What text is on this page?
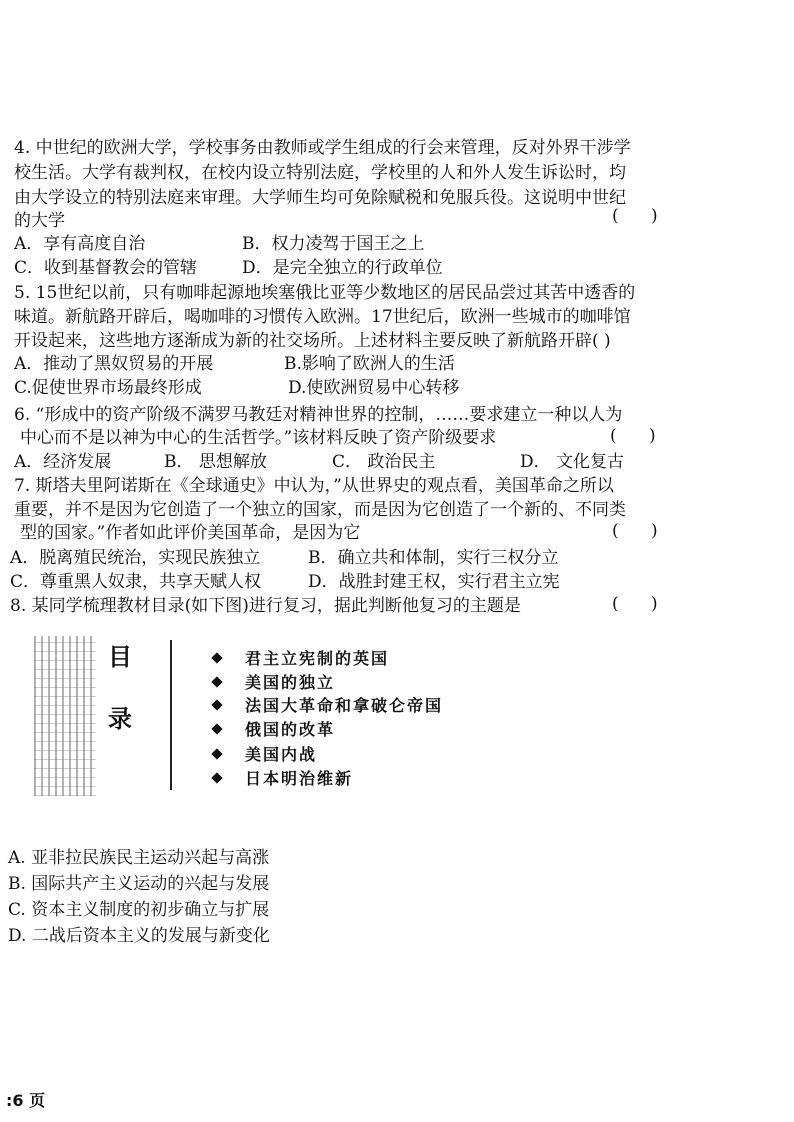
4. 中世纪的欧洲大学，学校事务由教师或学生组成的行会来管理，反对外界干涉学
校生活。大学有裁判权，在校内设立特别法庭，学校里的人和外人发生诉讼时，均
由大学设立的特别法庭来审理。大学师生均可免除赋税和免服兵役。这说明中世纪
的大学	(      )
A．享有高度自治	B．权力凌驾于国王之上
C．收到基督教会的管辖	D．是完全独立的行政单位
5. 15世纪以前，只有咖啡起源地埃塞俄比亚等少数地区的居民品尝过其苦中透香的
味道。新航路开辟后，喝咖啡的习惯传入欧洲。17世纪后，欧洲一些城市的咖啡馆
开设起来，这些地方逐渐成为新的社交场所。上述材料主要反映了新航路开辟( )
A．推动了黑奴贸易的开展	B.影响了欧洲人的生活
C.促使世界市场最终形成	D.使欧洲贸易中心转移
6. “形成中的资产阶级不满罗马教廷对精神世界的控制，……要求建立一种以人为
中心而不是以神为中心的生活哲学。”该材料反映了资产阶级要求	(      )
A．经济发展	B． 思想解放	C． 政治民主	D． 文化复古
7. 斯塔夫里阿诺斯在《全球通史》中认为，”从世界史的观点看，美国革命之所以
重要，并不是因为它创造了一个独立的国家，而是因为它创造了一个新的、不同类
型的国家。”作者如此评价美国革命，是因为它	(      )
A．脱离殖民统治，实现民族独立	B．确立共和体制，实行三权分立
C．尊重黑人奴隶，共享天赋人权	D．战胜封建王权，实行君主立宪
8. 某同学梳理教材目录(如下图)进行复习，据此判断他复习的主题是	(      )
目
录
君主立宪制的英国
美国的独立
法国大革命和拿破仑帝国
俄国的改革
美国内战
日本明治维新
A. 亚非拉民族民主运动兴起与高涨
B. 国际共产主义运动的兴起与发展
C. 资本主义制度的初步确立与扩展
D. 二战后资本主义的发展与新变化
:6 页
